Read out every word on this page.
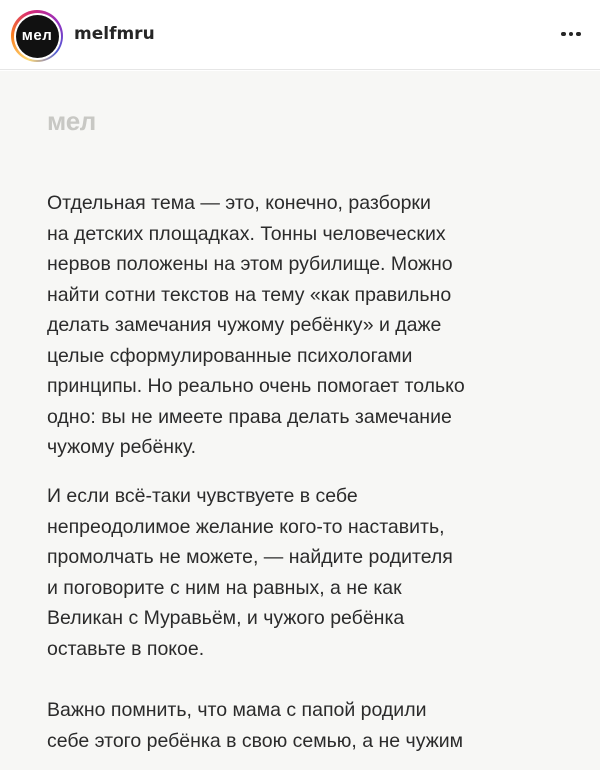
мел melfmru
мел
Отдельная тема — это, конечно, разборки
на детских площадках. Тонны человеческих
нервов положены на этом рубилище. Можно
найти сотни текстов на тему «как правильно
делать замечания чужому ребёнку» и даже
целые сформулированные психологами
принципы. Но реально очень помогает только
одно: вы не имеете права делать замечание
чужому ребёнку.
И если всё-таки чувствуете в себе
непреодолимое желание кого-то наставить,
промолчать не можете, — найдите родителя
и поговорите с ним на равных, а не как
Великан с Муравьём, и чужого ребёнка
оставьте в покое.
Важно помнить, что мама с папой родили
себе этого ребёнка в свою семью, а не чужим
